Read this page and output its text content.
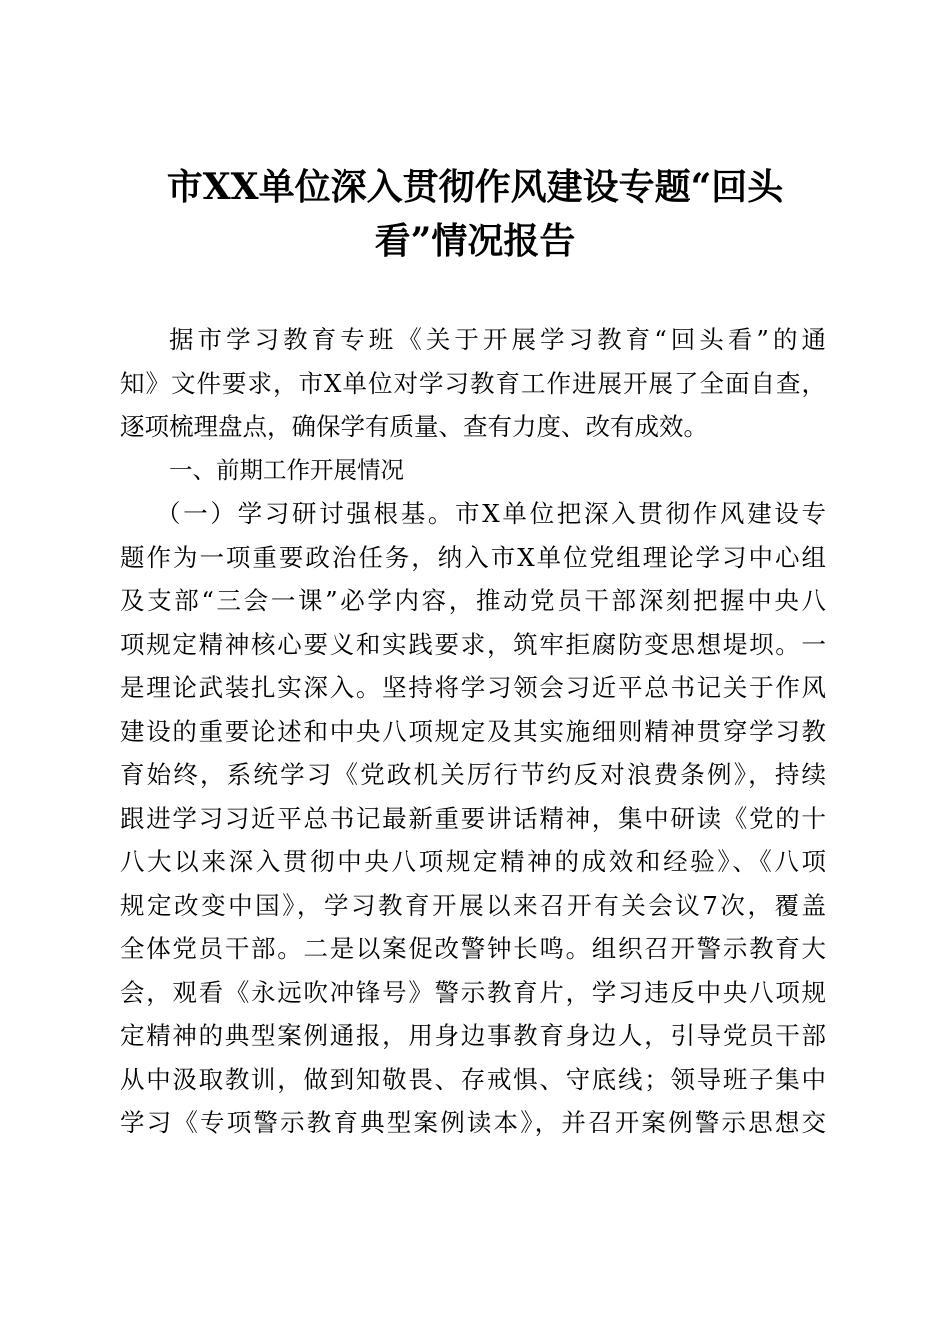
市XX单位深入贯彻作风建设专题“回头
看”情况报告
据市学习教育专班《关于开展学习教育“回头看”的通
知》文件要求，市X单位对学习教育工作进展开展了全面自查，
逐项梳理盘点，确保学有质量、查有力度、改有成效。
一、前期工作开展情况
（一）学习研讨强根基。市X单位把深入贯彻作风建设专
题作为一项重要政治任务，纳入市X单位党组理论学习中心组
及支部“三会一课”必学内容，推动党员干部深刻把握中央八
项规定精神核心要义和实践要求，筑牢拒腐防变思想堤坝。一
是理论武装扎实深入。坚持将学习领会习近平总书记关于作风
建设的重要论述和中央八项规定及其实施细则精神贯穿学习教
育始终，系统学习《党政机关厉行节约反对浪费条例》，持续
跟进学习习近平总书记最新重要讲话精神，集中研读《党的十
八大以来深入贯彻中央八项规定精神的成效和经验》、《八项
规定改变中国》，学习教育开展以来召开有关会议7次，覆盖
全体党员干部。二是以案促改警钟长鸣。组织召开警示教育大
会，观看《永远吹冲锋号》警示教育片，学习违反中央八项规
定精神的典型案例通报，用身边事教育身边人，引导党员干部
从中汲取教训，做到知敬畏、存戒惧、守底线；领导班子集中
学习《专项警示教育典型案例读本》，并召开案例警示思想交
